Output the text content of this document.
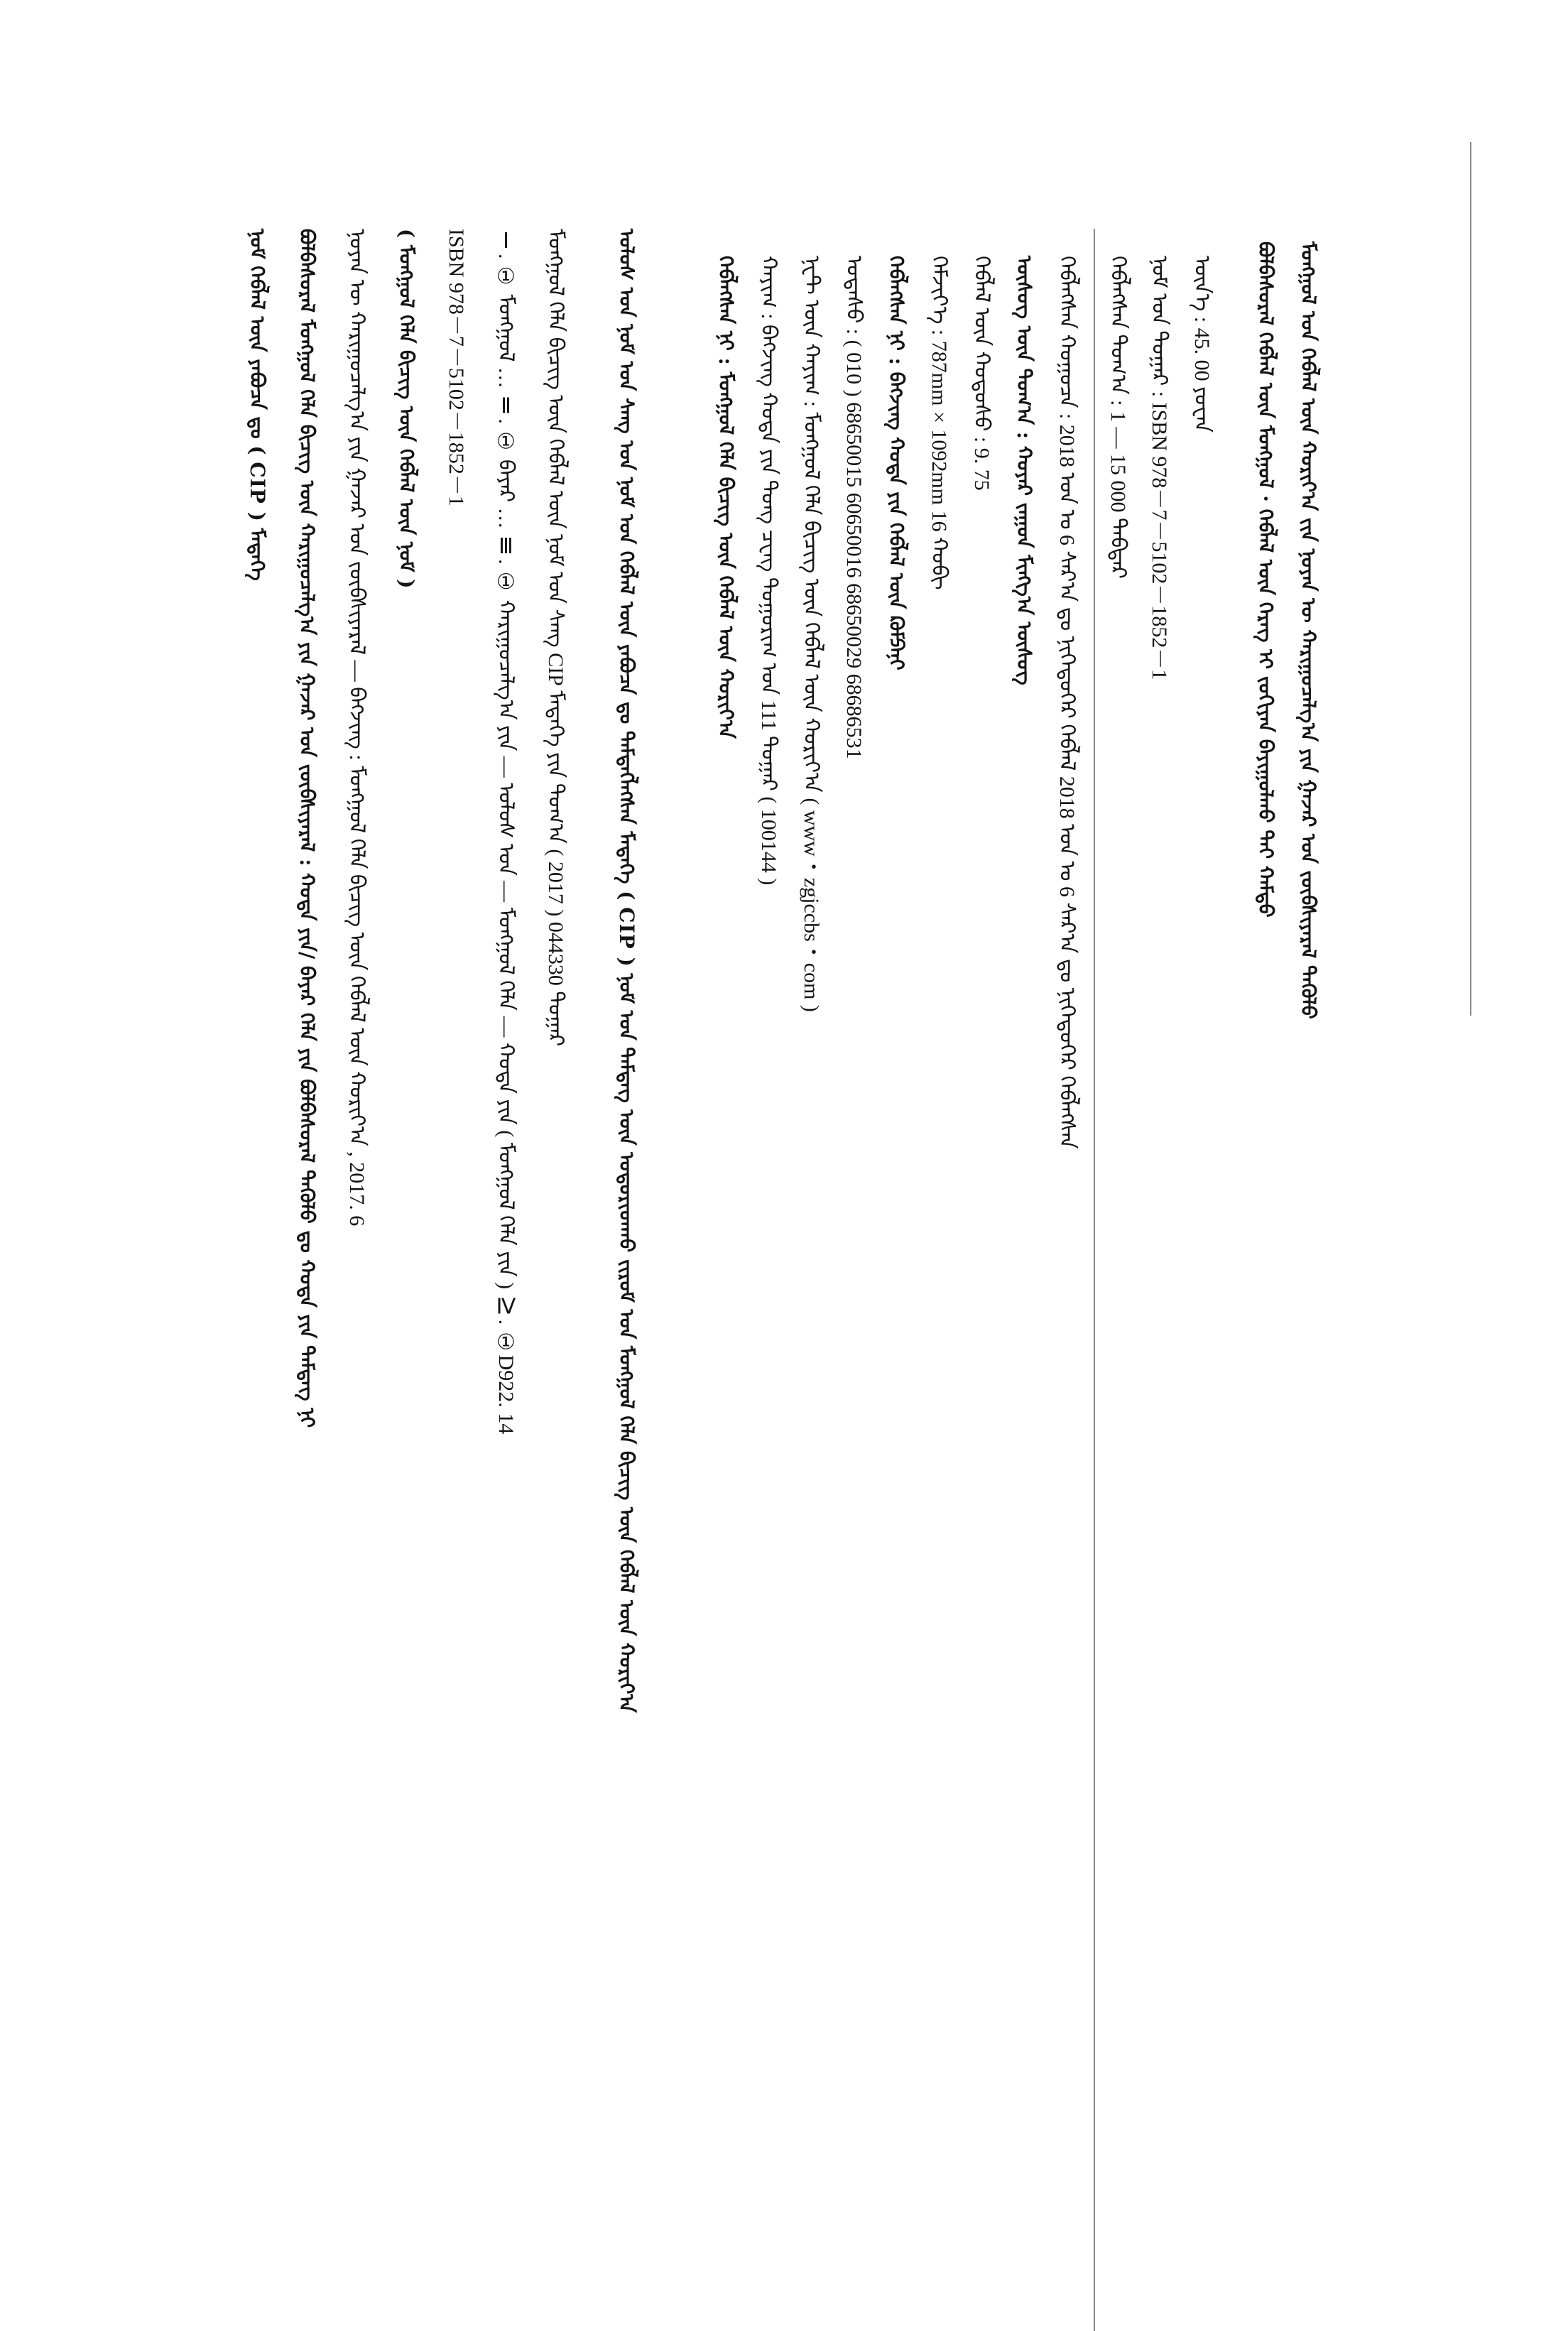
ᠮᠣᠩᠭᠣᠯ ᠤᠨ ᠬᠡᠪᠯᠡᠯ ᠦᠨ ᠬᠣᠷᠢᠶ᠎ᠠ ᠵᠢᠨ ᠨᠣᠶᠠᠨ ᠦ ᠬᠠᠷᠢᠭᠤᠴᠠᠯᠭ᠎ᠠ ᠶᠢᠨ ᠭᠠᠵᠠᠷ ᠤᠨ ᠵᠥᠪᠰᠢᠶᠡᠷᠡᠯ ᠲᠡᠭᠦᠯᠦ
ᠪᠣᠯᠪᠠᠰᠤᠷᠠᠯ ᠬᠡᠪᠯᠡᠯ ᠦᠨ ᠮᠣᠩᠭᠣᠯ · ᠬᠡᠪᠯᠡᠯ ᠦᠨ ᠬᠡᠷᠡᠭ ᠢ ᠵᠣᠬᠢᠶᠠᠨ ᠪᠠᠶᠢᠭᠤᠯᠬᠤ ᠲᠠᠢ ᠬᠠᠮᠲᠤ
ᠦᠨ᠎ᠡ : 45. 00 ᠶᠤᠸᠠᠨ
ᠨᠣᠮ ᠤᠨ ᠳᠤᠭᠠᠷ : ISBN 978－7－5102－1852－1
ᠬᠡᠪᠯᠡᠭᠰᠡᠨ ᠲᠣᠭ᠎ᠠ : 1 — 15 000 ᠳᠡᠪᠲᠡᠷ
ᠬᠡᠪᠯᠡᠭᠰᠡᠨ ᠬᠤᠭᠤᠴᠠ : 2018 ᠣᠨ ᠤ 6 ᠰᠠᠷ᠎ᠠ ᠳᠤ ᠨᠢᠭᠡᠳᠦᠭᠡᠷ ᠬᠡᠪᠯᠡᠯ 2018 ᠣᠨ ᠤ 6 ᠰᠠᠷ᠎ᠠ ᠳᠤ ᠨᠢᠭᠡᠳᠦᠭᠡᠷ ᠬᠡᠪᠯᠡᠭᠰᠡᠨ
ᠦᠰᠦᠭ ᠦᠨ ᠲᠣᠭ᠎ᠠ : ᠬᠣᠶᠠᠷ ᠵᠠᠭᠤᠨ ᠮᠢᠩᠭ᠎ᠠ ᠦᠰᠦᠭ
ᠬᠡᠪᠯᠡᠯ ᠦᠨ ᠬᠤᠳᠤᠰᠤ : 9. 75
ᠬᠡᠮᠵᠢᠶ᠎ᠡ : 787mm×1092mm 16 ᠬᠤᠪᠢ
ᠬᠡᠪᠯᠡᠭᠰᠡᠨ ᠨᠢ : ᠪᠡᠭᠵᠢᠩ ᠬᠣᠲᠠ ᠶᠢᠨ ᠬᠡᠪᠯᠡᠯ ᠦᠨ ᠺᠣᠮᠫᠠᠨᠢ
ᠤᠲᠠᠰᠤ : ( 010 ) 68650015 60650016 68650029 68686531
ᠨᠧᠲ ᠦᠨ ᠬᠠᠶᠢᠭ : ᠮᠣᠩᠭᠣᠯ ᠬᠡᠯᠡ ᠪᠢᠴᠢᠭ ᠦᠨ ᠬᠡᠪᠯᠡᠯ ᠦᠨ ᠬᠣᠷᠢᠶ᠎ᠠ ( www・zgjccbs・com )
ᠬᠠᠶᠢᠭ : ᠪᠡᠭᠵᠢᠩ ᠬᠣᠲᠠ ᠶᠢᠨ ᠳᠤᠩ ᠴᠧᠩ ᠲᠣᠭᠣᠷᠢᠭ ᠤᠨ 111 ᠳᠤᠭᠠᠷ ( 100144 )
ᠬᠡᠪᠯᠡᠭᠰᠡᠨ ᠨᠢ : ᠮᠣᠩᠭᠣᠯ ᠬᠡᠯᠡ ᠪᠢᠴᠢᠭ ᠦᠨ ᠬᠡᠪᠯᠡᠯ ᠦᠨ ᠬᠣᠷᠢᠶ᠎ᠠ
ᠤᠯᠤᠰ ᠤᠨ ᠨᠣᠮ ᠤᠨ ᠰᠠᠩ ᠤᠨ ᠨᠣᠮ ᠤᠨ ᠬᠡᠪᠯᠡᠯ ᠦᠨ ᠶᠠᠪᠤᠴᠠ ᠳᠤ ᠲᠡᠮᠳᠡᠭᠯᠡᠭᠰᠡᠨ ᠮᠡᠳᠡᠭᠡ ( CIP ) ᠨᠣᠮ ᠤᠨ ᠲᠡᠮᠳᠡᠭ ᠦᠨ ᠤᠳᠤᠷᠢᠳᠬᠤ ᠵᠢᠷᠤᠮ ᠤᠨ ᠮᠣᠩᠭᠣᠯ ᠬᠡᠯᠡ ᠪᠢᠴᠢᠭ ᠦᠨ ᠬᠡᠪᠯᠡᠯ ᠦᠨ ᠬᠣᠷᠢᠶ᠎ᠠ
ᠮᠣᠩᠭᠣᠯ ᠬᠡᠯᠡ ᠪᠢᠴᠢᠭ ᠦᠨ ᠬᠡᠪᠯᠡᠯ ᠦᠨ ᠨᠣᠮ ᠤᠨ ᠰᠠᠩ CIP ᠮᠡᠳᠡᠭᠡ ᠶᠢᠨ ᠲᠣᠭ᠎ᠠ ( 2017 ) 044330 ᠳᠤᠭᠠᠷ
Ⅰ. ① ᠮᠣᠩᠭᠣᠯ … Ⅱ. ① ᠪᠠᠶᠠᠷ … Ⅲ. ① ᠬᠠᠷᠢᠭᠤᠴᠠᠯᠭ᠎ᠠ ᠶᠢᠨ — ᠤᠯᠤᠰ ᠤᠨ — ᠮᠣᠩᠭᠣᠯ ᠬᠡᠯᠡ — ᠬᠣᠲᠠ ᠶᠢᠨ ( ᠮᠣᠩᠭᠣᠯ ᠬᠡᠯᠡ ᠶᠢᠨ ) Ⅳ. ①D922. 14
ISBN 978－7－5102－1852－1
( ᠮᠣᠩᠭᠣᠯ ᠬᠡᠯᠡ ᠪᠢᠴᠢᠭ ᠦᠨ ᠬᠡᠪᠯᠡᠯ ᠦᠨ ᠨᠣᠮ )
ᠨᠣᠶᠠᠨ ᠦ ᠬᠠᠷᠢᠭᠤᠴᠠᠯᠭ᠎ᠠ ᠶᠢᠨ ᠭᠠᠵᠠᠷ ᠤᠨ ᠵᠥᠪᠰᠢᠶᠡᠷᠡᠯ — ᠪᠡᠭᠵᠢᠩ : ᠮᠣᠩᠭᠣᠯ ᠬᠡᠯᠡ ᠪᠢᠴᠢᠭ ᠦᠨ ᠬᠡᠪᠯᠡᠯ ᠦᠨ ᠬᠣᠷᠢᠶ᠎ᠠ , 2017. 6
ᠪᠣᠯᠪᠠᠰᠤᠷᠠᠯ ᠮᠣᠩᠭᠣᠯ ᠬᠡᠯᠡ ᠪᠢᠴᠢᠭ ᠦᠨ ᠬᠠᠷᠢᠭᠤᠴᠠᠯᠭ᠎ᠠ ᠶᠢᠨ ᠭᠠᠵᠠᠷ ᠤᠨ ᠵᠥᠪᠰᠢᠶᠡᠷᠡᠯ : ᠬᠣᠲᠠ ᠶᠢᠨ/ ᠪᠠᠶᠠᠷ ᠬᠡᠯᠡ ᠶᠢᠨ ᠪᠣᠯᠪᠠᠰᠤᠷᠠᠯ ᠲᠡᠭᠦᠯᠦ ᠳᠤ ᠬᠣᠲᠠ ᠶᠢᠨ ᠲᠡᠮᠳᠡᠭ ᠨᠢ
ᠨᠣᠮ ᠬᠡᠪᠯᠡᠯ ᠦᠨ ᠶᠠᠪᠤᠴᠠ ᠳᠤ ( CIP ) ᠮᠡᠳᠡᠭᠡ
